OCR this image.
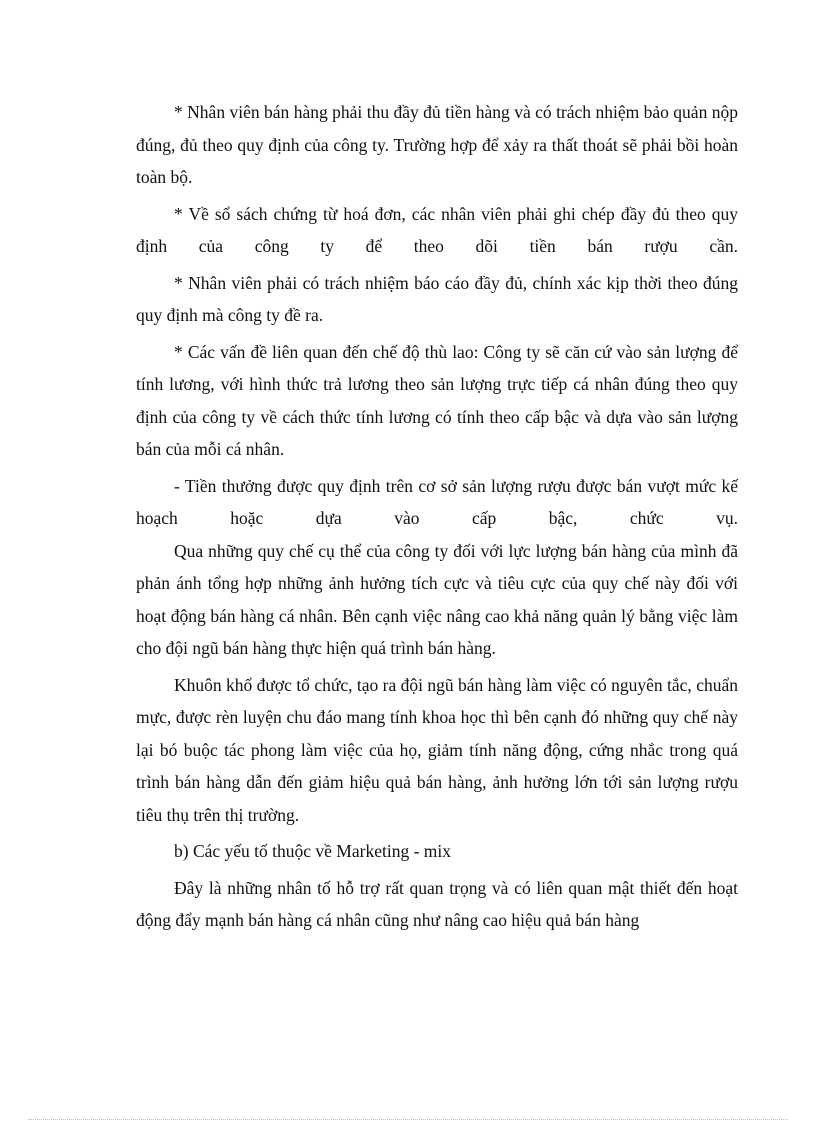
* Nhân viên bán hàng phải thu đầy đủ tiền hàng và có trách nhiệm bảo quản nộp đúng, đủ theo quy định của công ty. Trường hợp để xảy ra thất thoát sẽ phải bồi hoàn toàn bộ.

* Về sổ sách chứng từ hoá đơn, các nhân viên phải ghi chép đầy đủ theo quy định của công ty để theo dõi tiền bán rượu cần.

* Nhân viên phải có trách nhiệm báo cáo đầy đủ, chính xác kịp thời theo đúng quy định mà công ty đề ra.

* Các vấn đề liên quan đến chế độ thù lao: Công ty sẽ căn cứ vào sản lượng để tính lương, với hình thức trả lương theo sản lượng trực tiếp cá nhân đúng theo quy định của công ty về cách thức tính lương có tính theo cấp bậc và dựa vào sản lượng bán của mỗi cá nhân.

- Tiền thưởng được quy định trên cơ sở sản lượng rượu được bán vượt mức kế hoạch hoặc dựa vào cấp bậc, chức vụ.

Qua những quy chế cụ thể của công ty đối với lực lượng bán hàng của mình đã phản ánh tổng hợp những ảnh hưởng tích cực và tiêu cực của quy chế này đối với hoạt động bán hàng cá nhân. Bên cạnh việc nâng cao khả năng quản lý bằng việc làm cho đội ngũ bán hàng thực hiện quá trình bán hàng.

Khuôn khổ được tổ chức, tạo ra đội ngũ bán hàng làm việc có nguyên tắc, chuẩn mực, được rèn luyện chu đáo mang tính khoa học thì bên cạnh đó những quy chế này lại bó buộc tác phong làm việc của họ, giảm tính năng động, cứng nhắc trong quá trình bán hàng dẫn đến giảm hiệu quả bán hàng, ảnh hưởng lớn tới sản lượng rượu tiêu thụ trên thị trường.

b) Các yếu tố thuộc về Marketing - mix

Đây là những nhân tố hỗ trợ rất quan trọng và có liên quan mật thiết đến hoạt động đẩy mạnh bán hàng cá nhân cũng như nâng cao hiệu quả bán hàng
